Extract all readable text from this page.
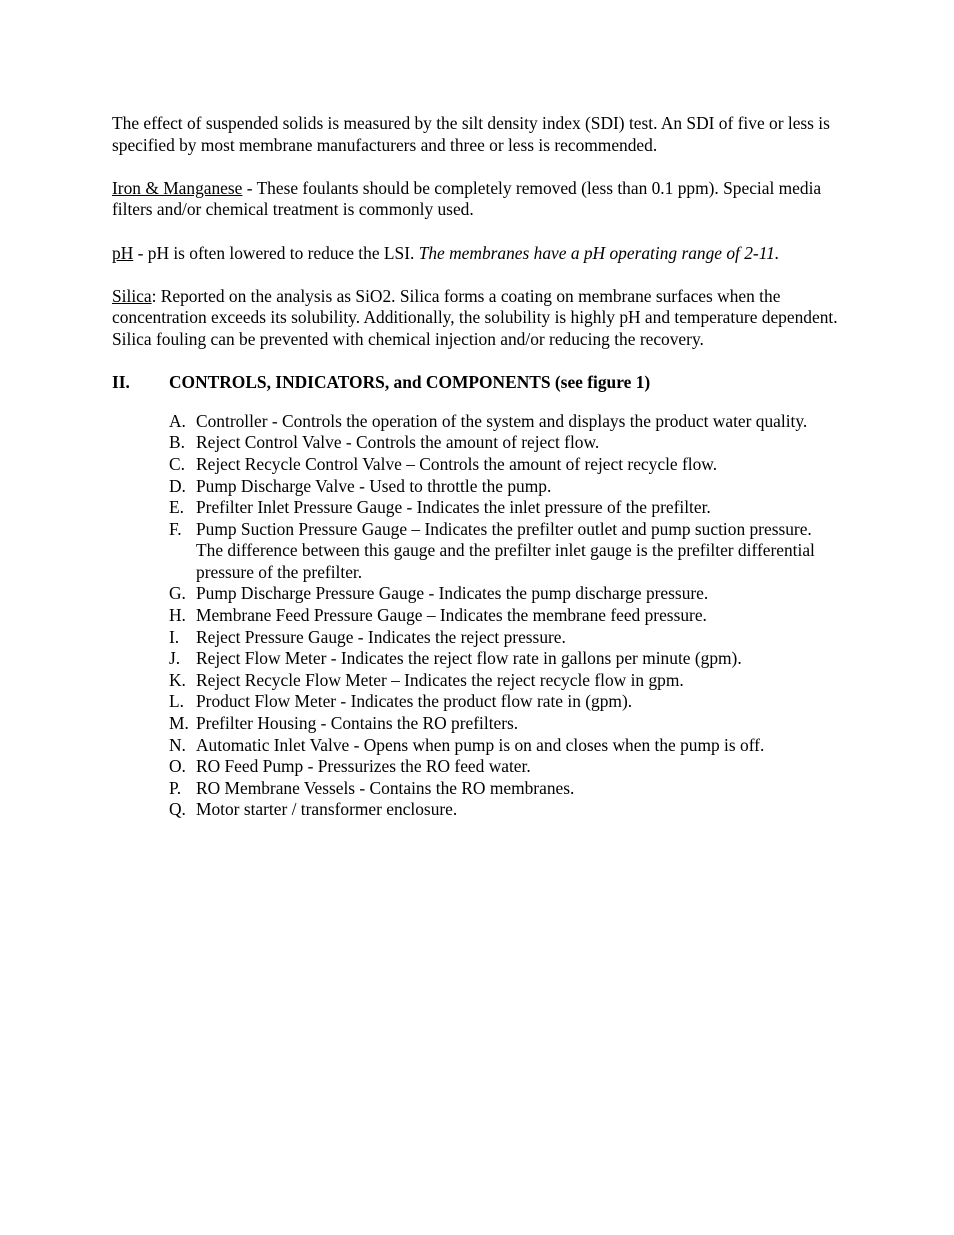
The effect of suspended solids is measured by the silt density index (SDI) test. An SDI of five or less is specified by most membrane manufacturers and three or less is recommended.

Iron & Manganese - These foulants should be completely removed (less than 0.1 ppm). Special media filters and/or chemical treatment is commonly used.

pH - pH is often lowered to reduce the LSI. The membranes have a pH operating range of 2-11.

Silica: Reported on the analysis as SiO2. Silica forms a coating on membrane surfaces when the concentration exceeds its solubility. Additionally, the solubility is highly pH and temperature dependent. Silica fouling can be prevented with chemical injection and/or reducing the recovery.

II.	CONTROLS, INDICATORS, and COMPONENTS (see figure 1)
A. Controller - Controls the operation of the system and displays the product water quality.
B. Reject Control Valve - Controls the amount of reject flow.
C. Reject Recycle Control Valve – Controls the amount of reject recycle flow.
D. Pump Discharge Valve - Used to throttle the pump.
E. Prefilter Inlet Pressure Gauge - Indicates the inlet pressure of the prefilter.
F. Pump Suction Pressure Gauge – Indicates the prefilter outlet and pump suction pressure. The difference between this gauge and the prefilter inlet gauge is the prefilter differential pressure of the prefilter.
G. Pump Discharge Pressure Gauge - Indicates the pump discharge pressure.
H. Membrane Feed Pressure Gauge – Indicates the membrane feed pressure.
I. Reject Pressure Gauge - Indicates the reject pressure.
J. Reject Flow Meter - Indicates the reject flow rate in gallons per minute (gpm).
K. Reject Recycle Flow Meter – Indicates the reject recycle flow in gpm.
L. Product Flow Meter - Indicates the product flow rate in (gpm).
M. Prefilter Housing - Contains the RO prefilters.
N. Automatic Inlet Valve - Opens when pump is on and closes when the pump is off.
O. RO Feed Pump - Pressurizes the RO feed water.
P. RO Membrane Vessels - Contains the RO membranes.
Q. Motor starter / transformer enclosure.
